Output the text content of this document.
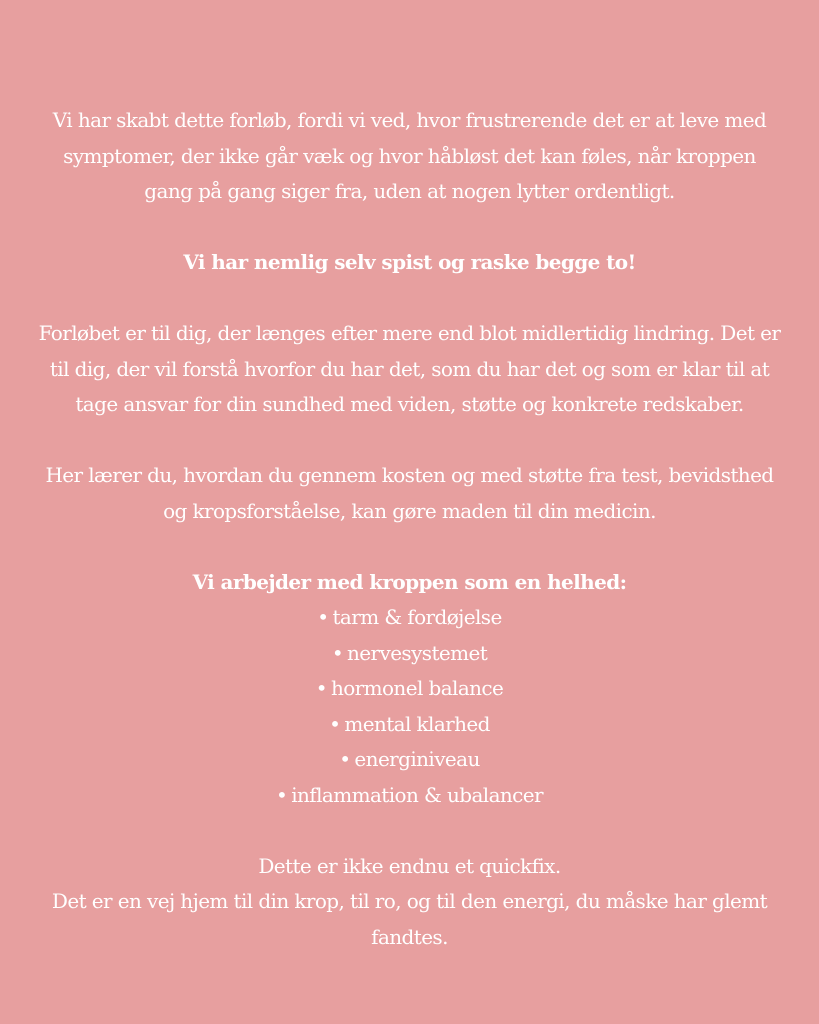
Vi har skabt dette forløb, fordi vi ved, hvor frustrerende det er at leve med symptomer, der ikke går væk og hvor håbløst det kan føles, når kroppen gang på gang siger fra, uden at nogen lytter ordentligt.

Vi har nemlig selv spist og raske begge to!

Forløbet er til dig, der længes efter mere end blot midlertidig lindring. Det er til dig, der vil forstå hvorfor du har det, som du har det og som er klar til at tage ansvar for din sundhed med viden, støtte og konkrete redskaber.

Her lærer du, hvordan du gennem kosten og med støtte fra test, bevidsthed og kropsforståelse, kan gøre maden til din medicin.

Vi arbejder med kroppen som en helhed:

• tarm & fordøjelse
• nervesystemet
• hormonel balance
• mental klarhed
• energiniveau
• inflammation & ubalancer

Dette er ikke endnu et quickfix.

Det er en vej hjem til din krop, til ro, og til den energi, du måske har glemt fandtes.
